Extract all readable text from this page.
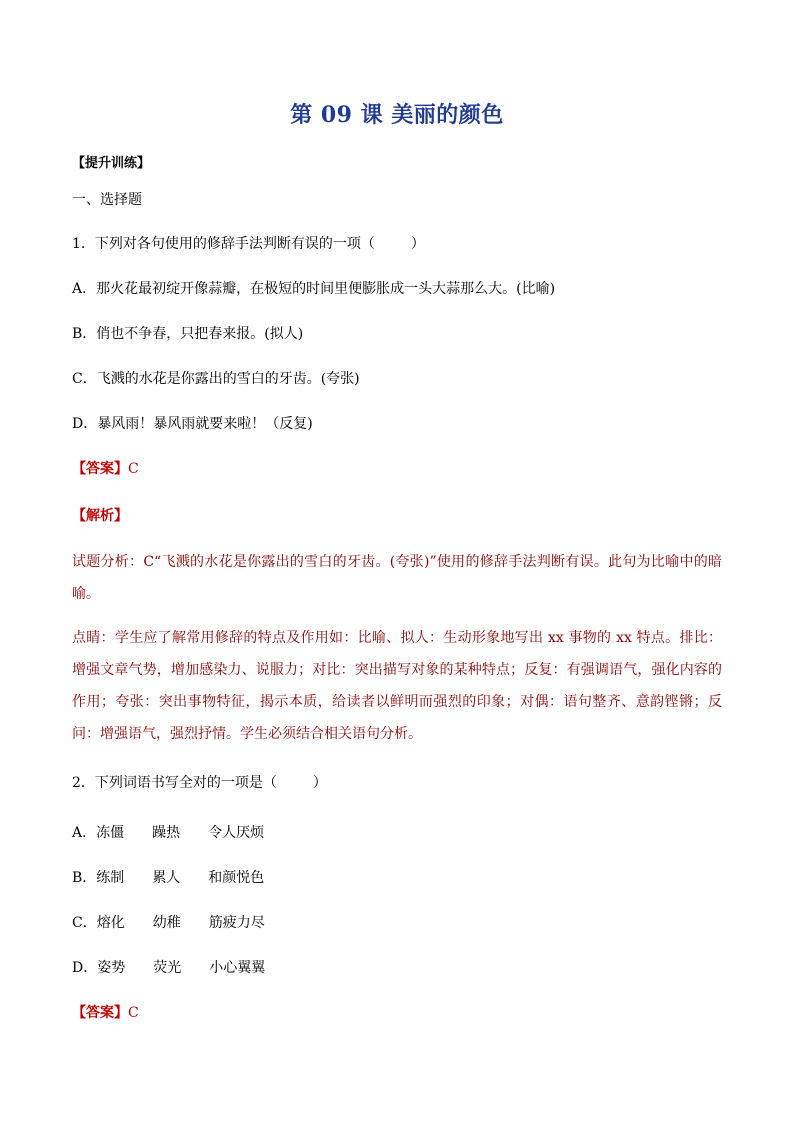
第 09 课 美丽的颜色
【提升训练】
一、选择题
1．下列对各句使用的修辞手法判断有误的一项（	）
A．那火花最初绽开像蒜瓣，在极短的时间里便膨胀成一头大蒜那么大。(比喻)
B．俏也不争春，只把春来报。(拟人)
C．飞溅的水花是你露出的雪白的牙齿。(夸张)
D．暴风雨！暴风雨就要来啦！（反复)
【答案】C
【解析】
试题分析：C“飞溅的水花是你露出的雪白的牙齿。(夸张)”使用的修辞手法判断有误。此句为比喻中的暗喻。
点睛：学生应了解常用修辞的特点及作用如：比喻、拟人：生动形象地写出 xx 事物的 xx 特点。排比：增强文章气势，增加感染力、说服力；对比：突出描写对象的某种特点；反复：有强调语气，强化内容的作用；夸张：突出事物特征，揭示本质，给读者以鲜明而强烈的印象；对偶：语句整齐、意韵铿锵；反问：增强语气，强烈抒情。学生必须结合相关语句分析。
2．下列词语书写全对的一项是（	）
A．冻僵 躁热 令人厌烦
B．练制 累人 和颜悦色
C．熔化 幼稚 筋疲力尽
D．姿势 荧光 小心翼翼
【答案】C
